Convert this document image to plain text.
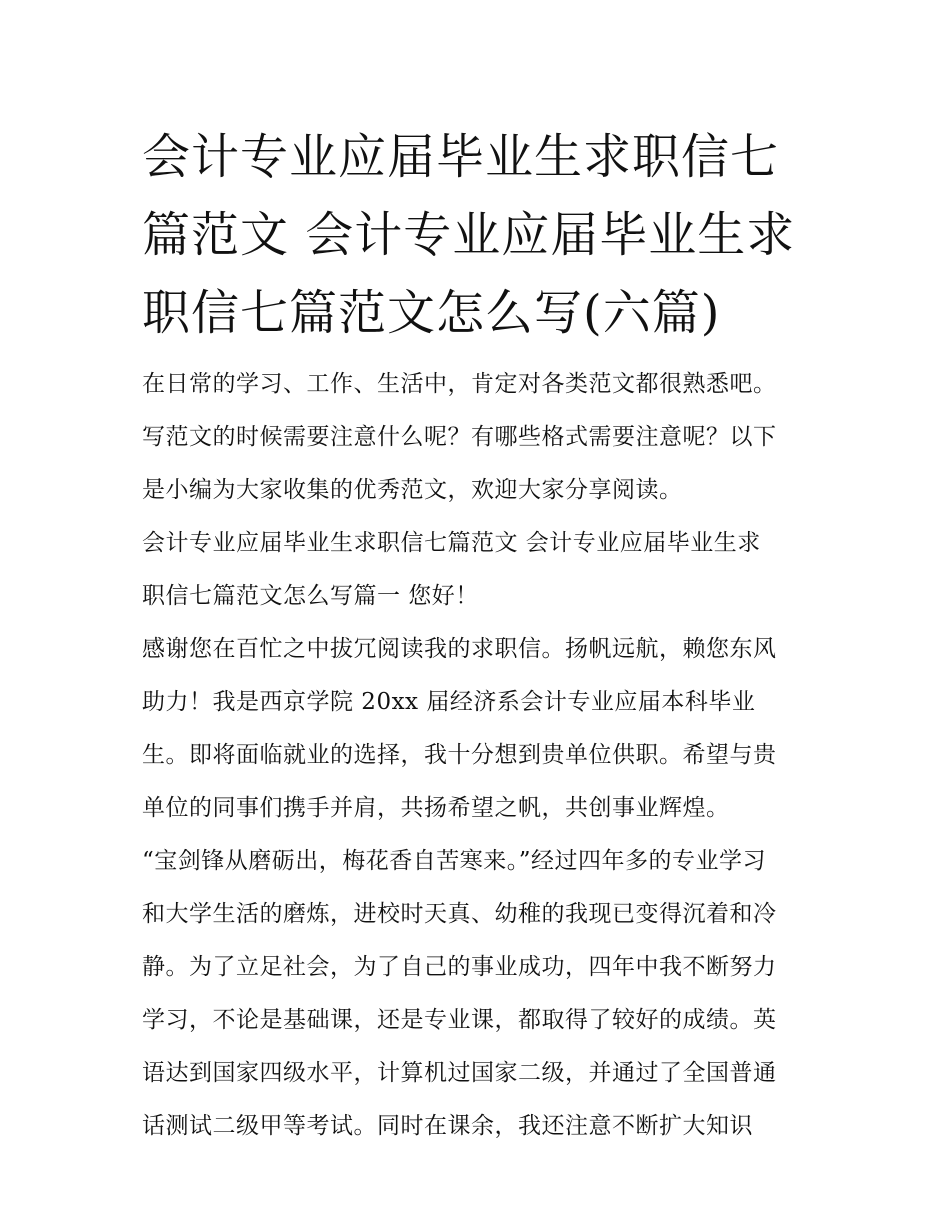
会计专业应届毕业生求职信七
篇范文 会计专业应届毕业生求
职信七篇范文怎么写(六篇)
在日常的学习、工作、生活中，肯定对各类范文都很熟悉吧。
写范文的时候需要注意什么呢？有哪些格式需要注意呢？以下
是小编为大家收集的优秀范文，欢迎大家分享阅读。
会计专业应届毕业生求职信七篇范文 会计专业应届毕业生求
职信七篇范文怎么写篇一 您好！
感谢您在百忙之中拔冗阅读我的求职信。扬帆远航，赖您东风
助力！我是西京学院 20xx 届经济系会计专业应届本科毕业
生。即将面临就业的选择，我十分想到贵单位供职。希望与贵
单位的同事们携手并肩，共扬希望之帆，共创事业辉煌。
“宝剑锋从磨砺出，梅花香自苦寒来。”经过四年多的专业学习
和大学生活的磨炼，进校时天真、幼稚的我现已变得沉着和冷
静。为了立足社会，为了自己的事业成功，四年中我不断努力
学习，不论是基础课，还是专业课，都取得了较好的成绩。英
语达到国家四级水平，计算机过国家二级，并通过了全国普通
话测试二级甲等考试。同时在课余，我还注意不断扩大知识
